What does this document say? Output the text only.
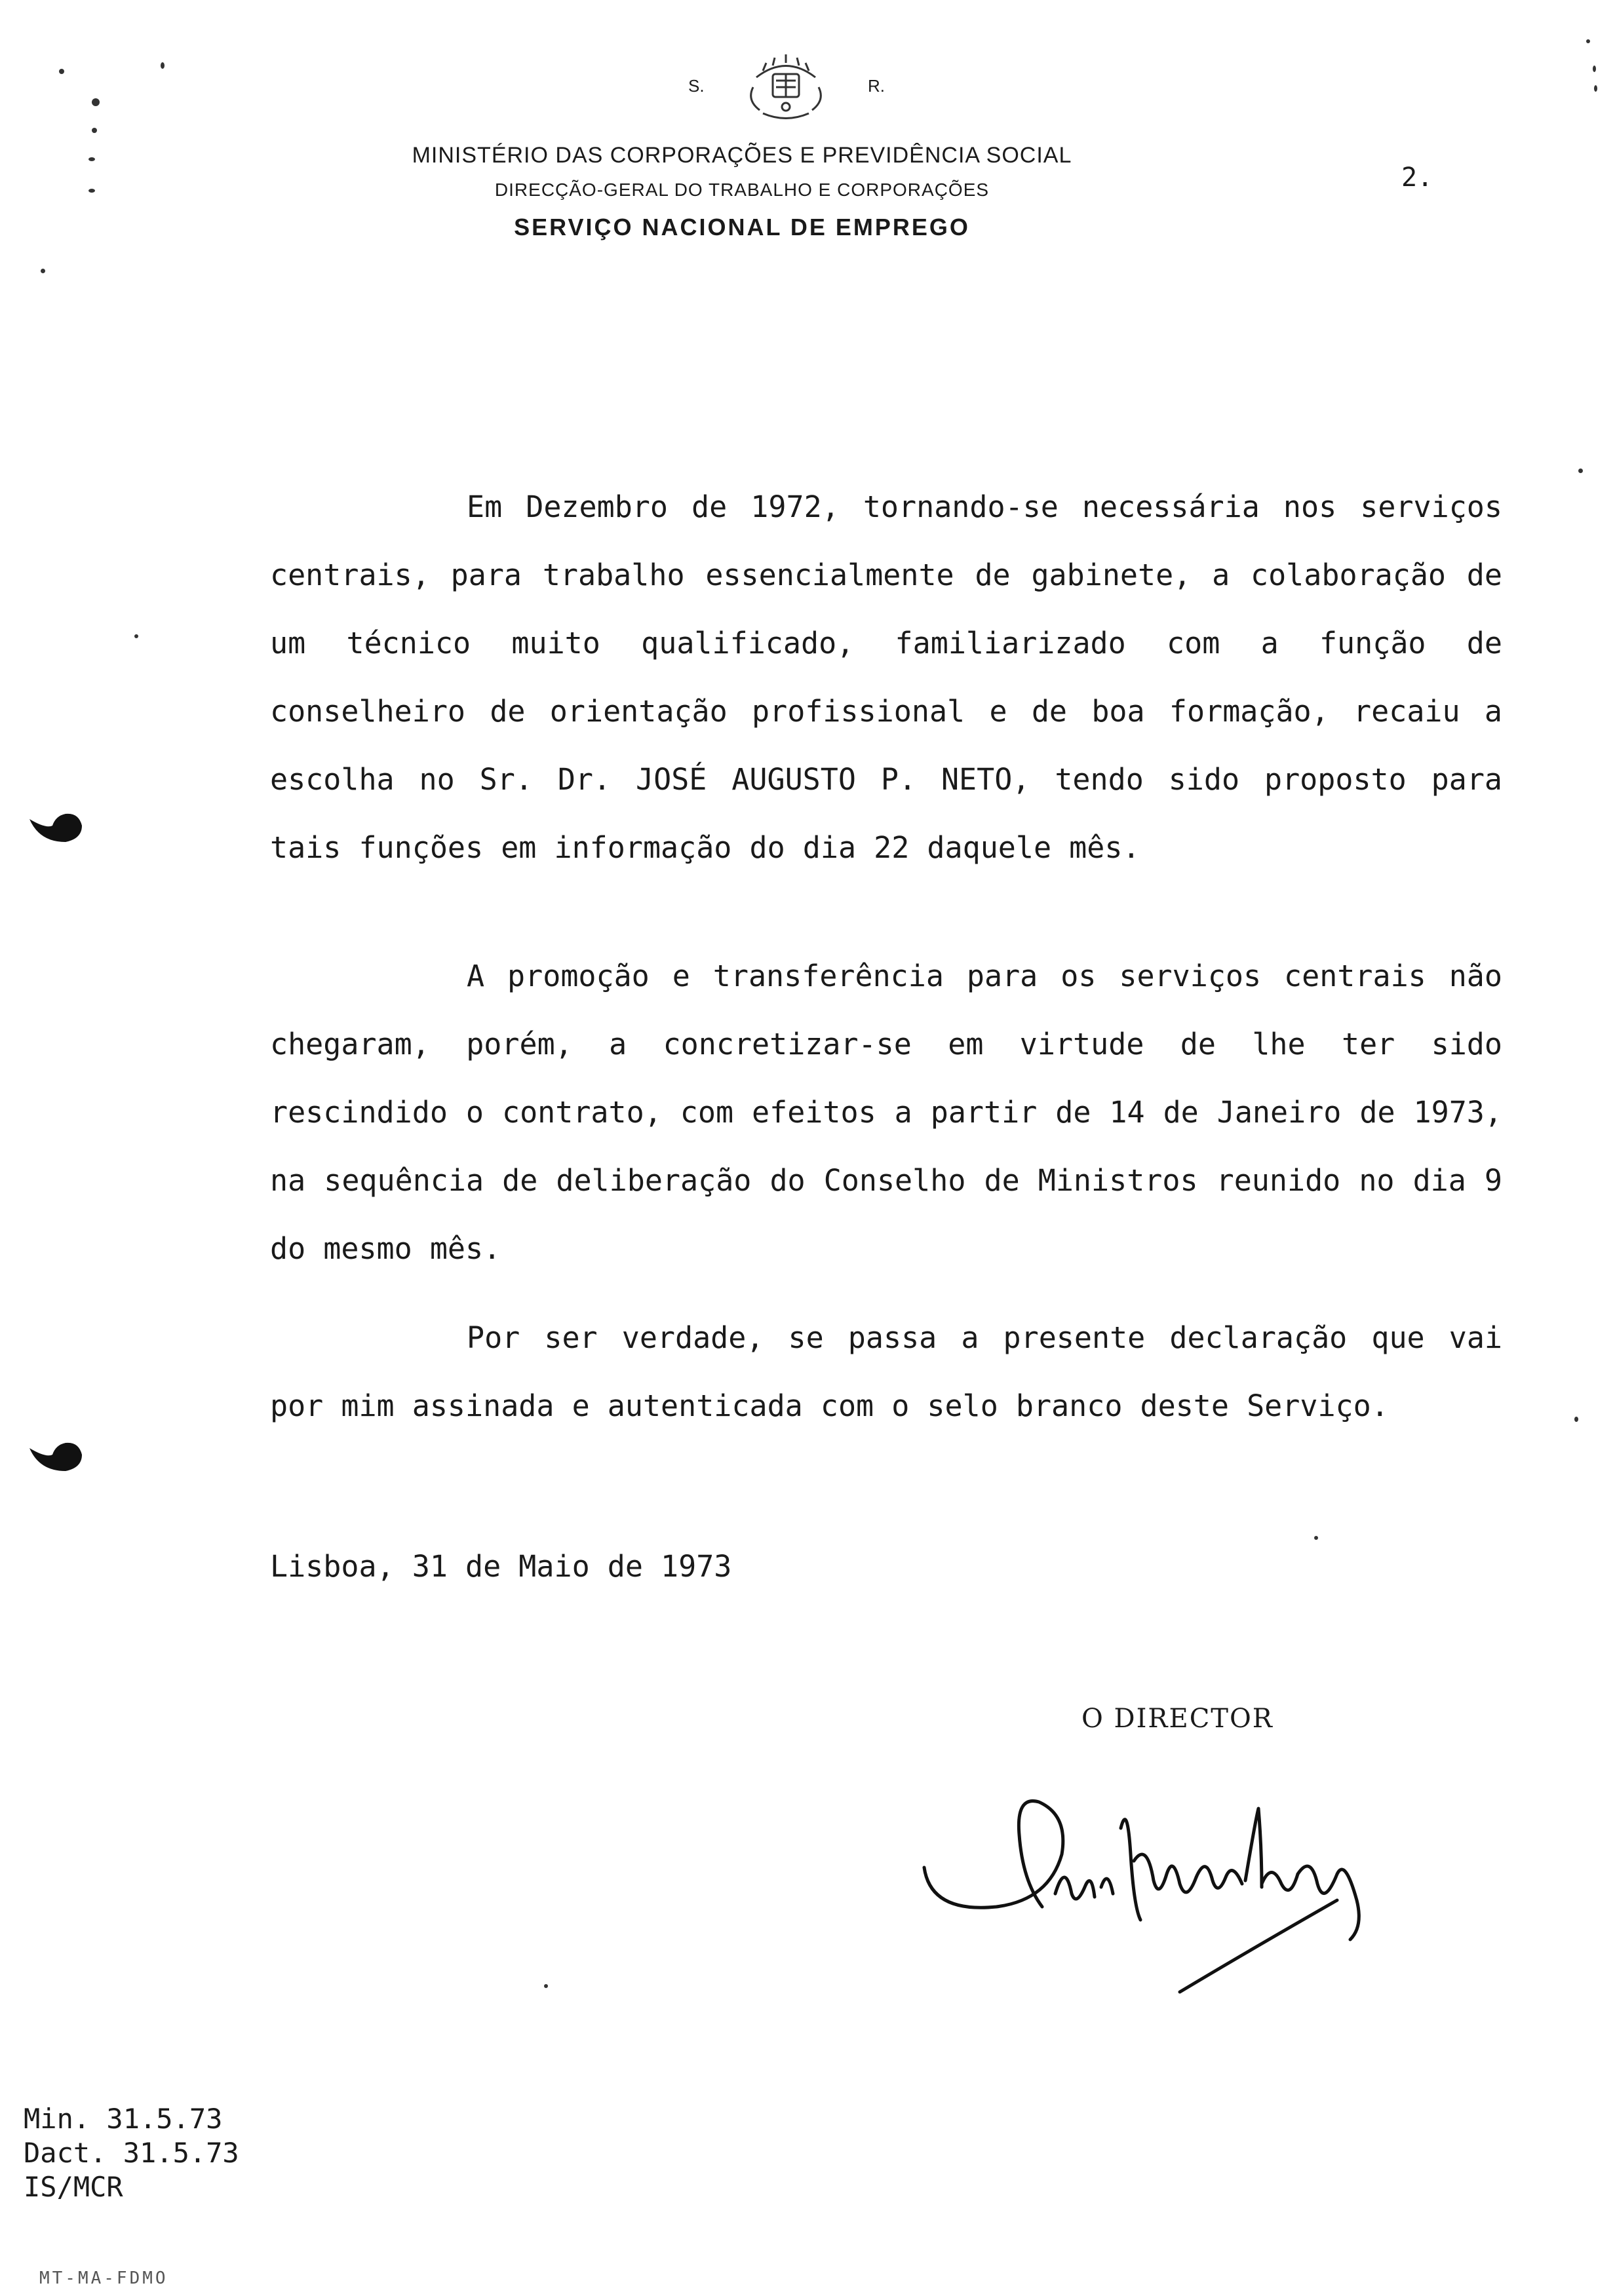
S.	R.
MINISTÉRIO DAS CORPORAÇÕES E PREVIDÊNCIA SOCIAL
DIRECÇÃO-GERAL DO TRABALHO E CORPORAÇÕES
SERVIÇO NACIONAL DE EMPREGO
2.

Em Dezembro de 1972, tornando-se necessária nos serviços centrais, para trabalho essencialmente de gabinete, a colaboração de um técnico muito qualificado, familiarizado com a função de conselheiro de orientação profissional e de boa formação, recaiu a escolha no Sr. Dr. JOSÉ AUGUSTO P. NETO, tendo sido proposto para tais funções em informação do dia 22 daquele mês.

A promoção e transferência para os serviços centrais não chegaram, porém, a concretizar-se em virtude de lhe ter sido rescindido o contrato, com efeitos a partir de 14 de Janeiro de 1973, na sequência de deliberação do Conselho de Ministros reunido no dia 9 do mesmo mês.

Por ser verdade, se passa a presente declaração que vai por mim assinada e autenticada com o selo branco deste Serviço.

Lisboa, 31 de Maio de 1973
O DIRECTOR
Min. 31.5.73
Dact. 31.5.73
IS/MCR
MT-MA-FDMO
